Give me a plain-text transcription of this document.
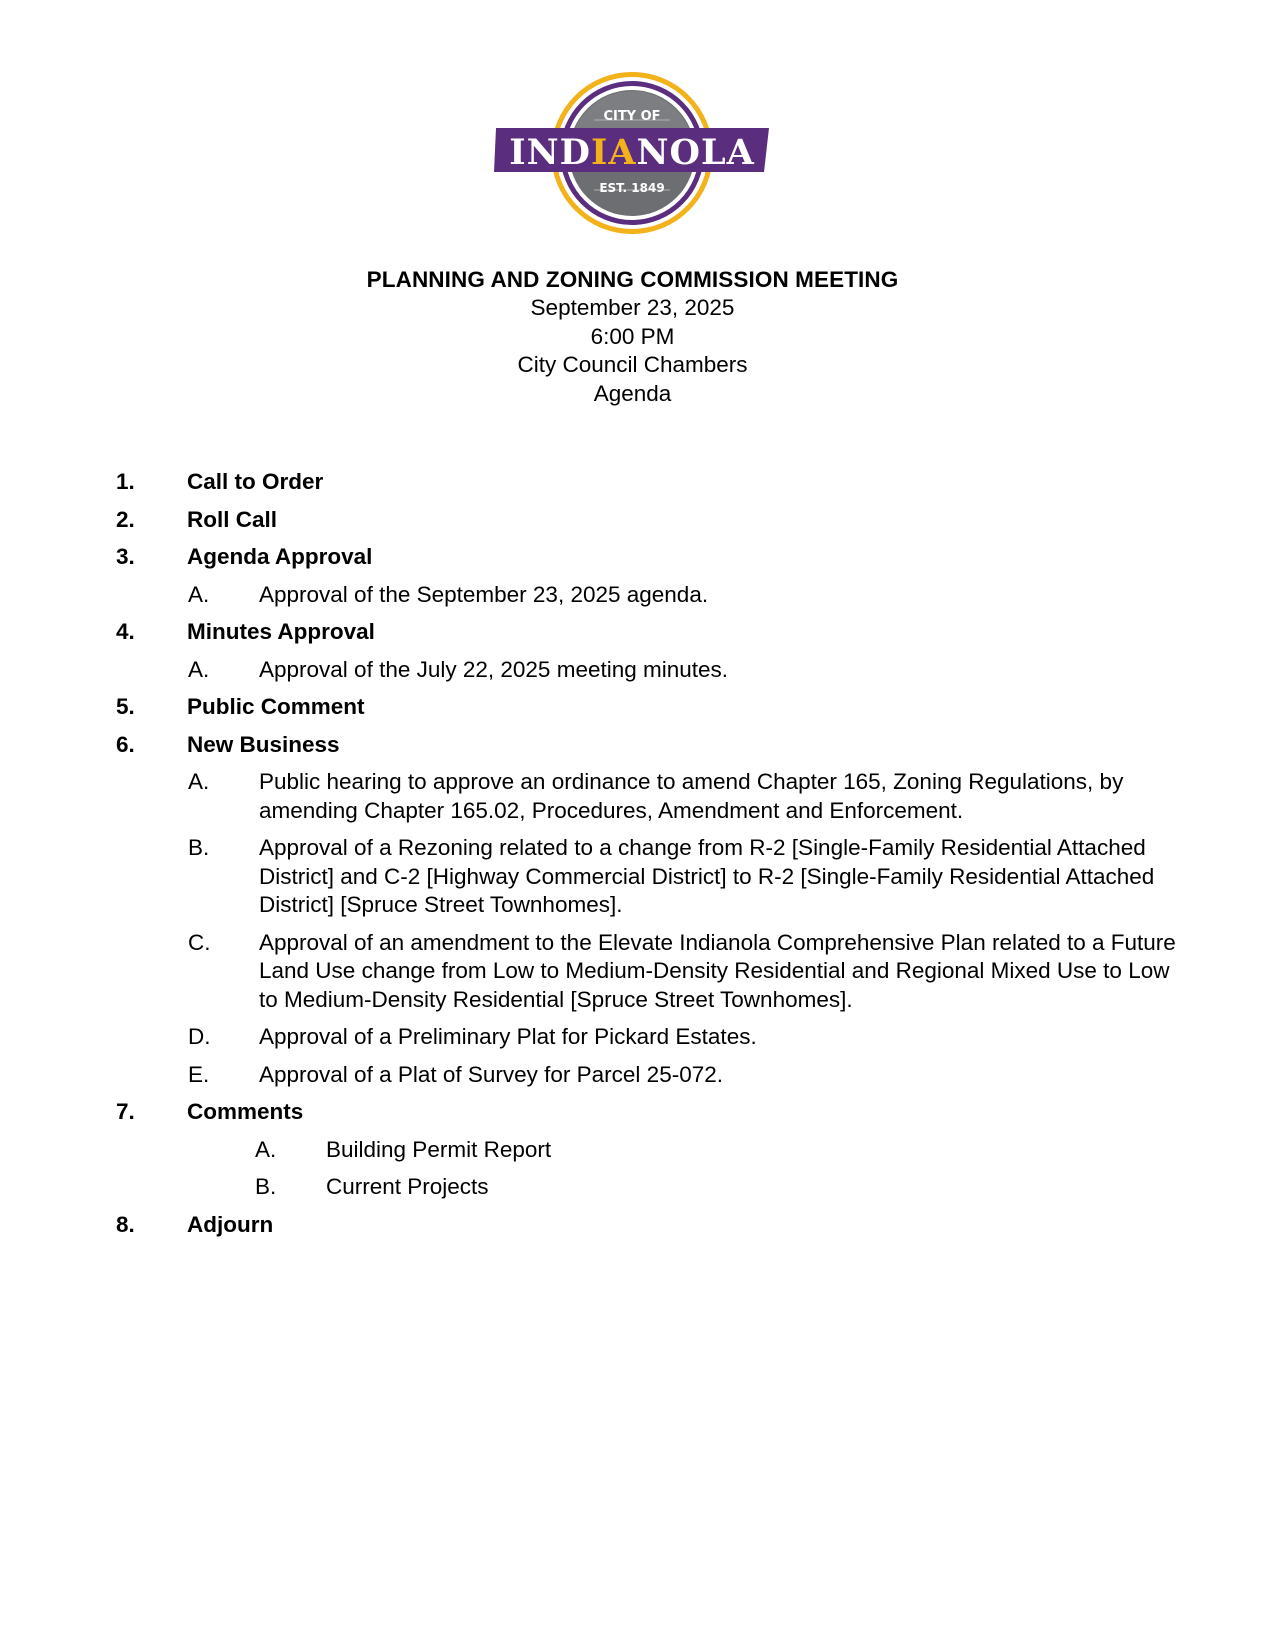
CITY OF
INDIANOLA
EST. 1849
PLANNING AND ZONING COMMISSION MEETING
September 23, 2025
6:00 PM
City Council Chambers
Agenda
1.	Call to Order
2.	Roll Call
3.	Agenda Approval
A.	Approval of the September 23, 2025 agenda.
4.	Minutes Approval
A.	Approval of the July 22, 2025 meeting minutes.
5.	Public Comment
6.	New Business
A.	Public hearing to approve an ordinance to amend Chapter 165, Zoning Regulations, by amending Chapter 165.02, Procedures, Amendment and Enforcement.
B.	Approval of a Rezoning related to a change from R-2 [Single-Family Residential Attached District] and C-2 [Highway Commercial District] to R-2 [Single-Family Residential Attached District] [Spruce Street Townhomes].
C.	Approval of an amendment to the Elevate Indianola Comprehensive Plan related to a Future Land Use change from Low to Medium-Density Residential and Regional Mixed Use to Low to Medium-Density Residential [Spruce Street Townhomes].
D.	Approval of a Preliminary Plat for Pickard Estates.
E.	Approval of a Plat of Survey for Parcel 25-072.
7.	Comments
A.	Building Permit Report
B.	Current Projects
8.	Adjourn
